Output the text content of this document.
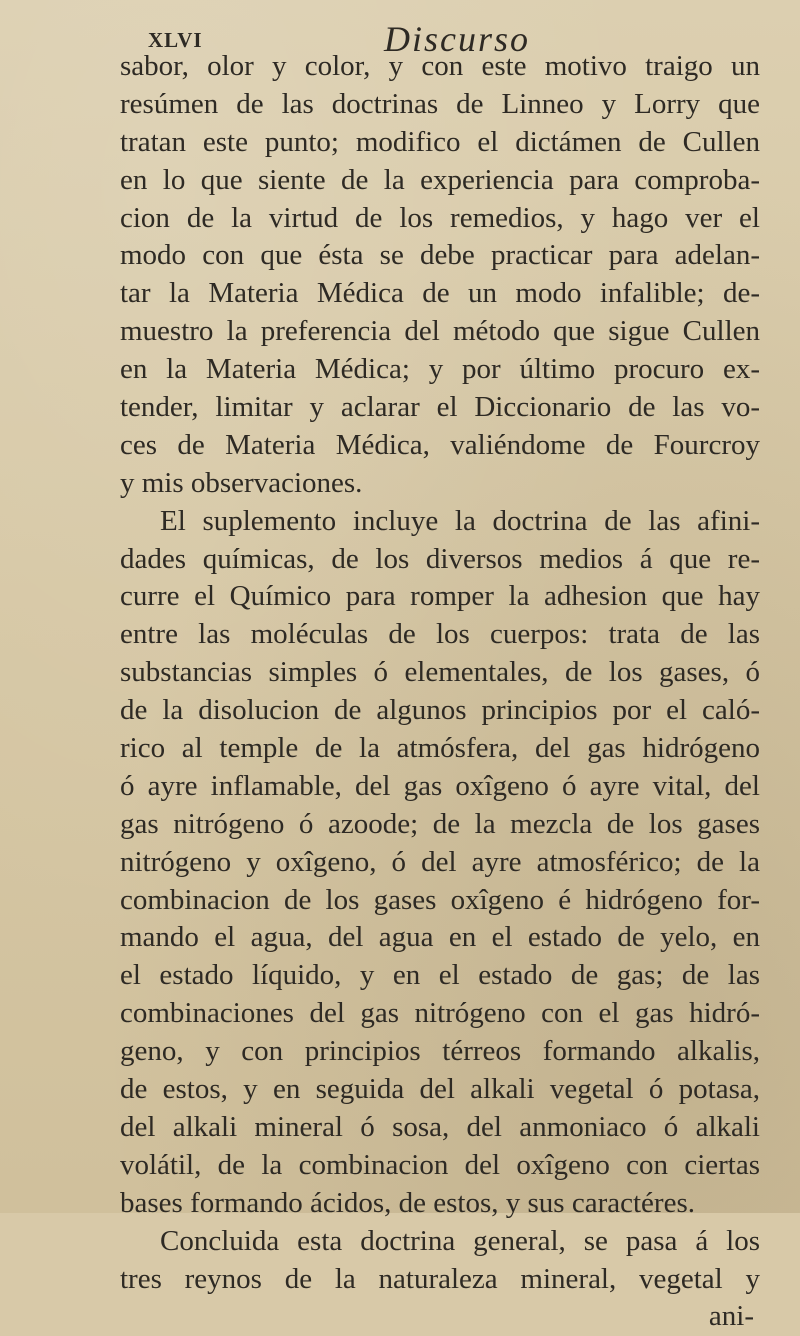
XLVI	Discurso
sabor, olor y color, y con este motivo traigo un
resúmen de las doctrinas de Linneo y Lorry que
tratan este punto; modifico el dictámen de Cullen
en lo que siente de la experiencia para comproba-
cion de la virtud de los remedios, y hago ver el
modo con que ésta se debe practicar para adelan-
tar la Materia Médica de un modo infalible; de-
muestro la preferencia del método que sigue Cullen
en la Materia Médica; y por último procuro ex-
tender, limitar y aclarar el Diccionario de las vo-
ces de Materia Médica, valiéndome de Fourcroy
y mis observaciones.
El suplemento incluye la doctrina de las afini-
dades químicas, de los diversos medios á que re-
curre el Químico para romper la adhesion que hay
entre las moléculas de los cuerpos: trata de las
substancias simples ó elementales, de los gases, ó
de la disolucion de algunos principios por el caló-
rico al temple de la atmósfera, del gas hidrógeno
ó ayre inflamable, del gas oxîgeno ó ayre vital, del
gas nitrógeno ó azoode; de la mezcla de los gases
nitrógeno y oxîgeno, ó del ayre atmosférico; de la
combinacion de los gases oxîgeno é hidrógeno for-
mando el agua, del agua en el estado de yelo, en
el estado líquido, y en el estado de gas; de las
combinaciones del gas nitrógeno con el gas hidró-
geno, y con principios térreos formando alkalis,
de estos, y en seguida del alkali vegetal ó potasa,
del alkali mineral ó sosa, del anmoniaco ó alkali
volátil, de la combinacion del oxîgeno con ciertas
bases formando ácidos, de estos, y sus caractéres.
Concluida esta doctrina general, se pasa á los
tres reynos de la naturaleza mineral, vegetal y
ani-
